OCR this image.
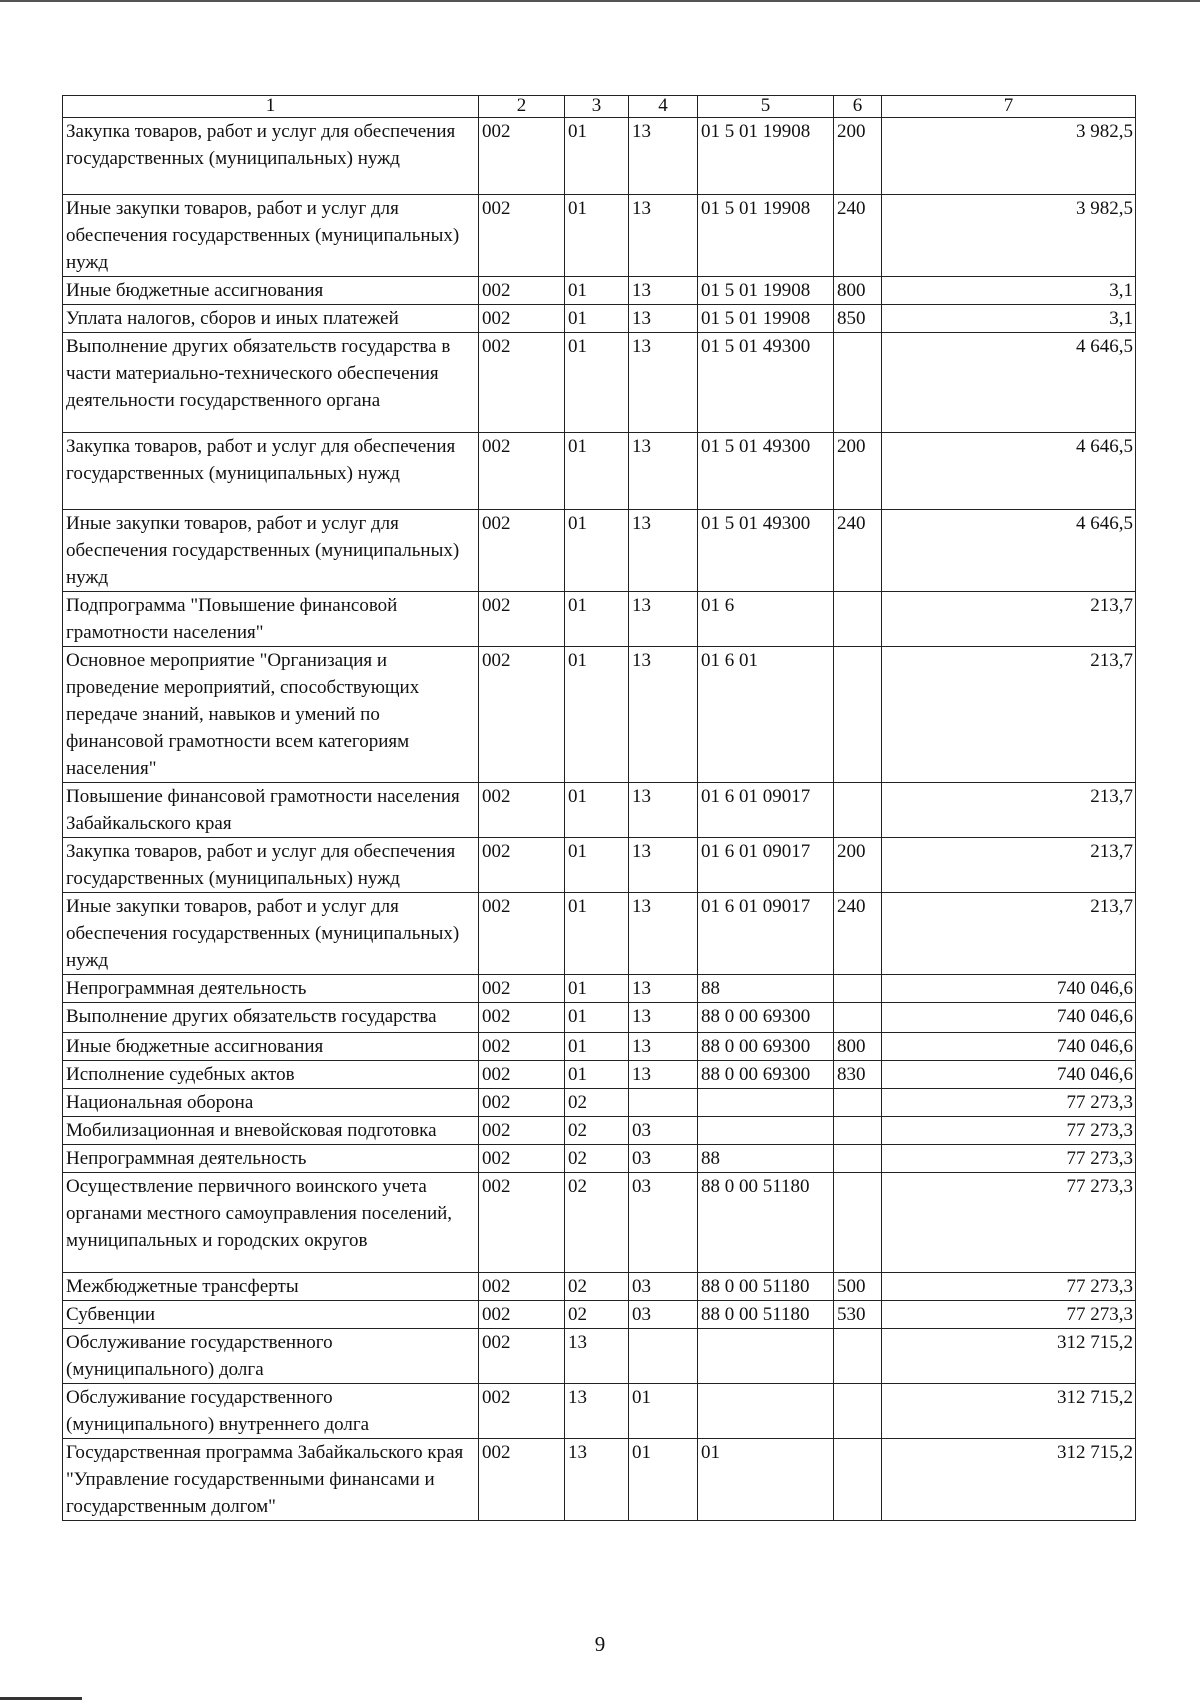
1	2	3	4	5	6	7
Закупка товаров, работ и услуг для обеспечения государственных (муниципальных) нужд	002	01	13	01 5 01 19908	200	3 982,5
Иные закупки товаров, работ и услуг для обеспечения государственных (муниципальных) нужд	002	01	13	01 5 01 19908	240	3 982,5
Иные бюджетные ассигнования	002	01	13	01 5 01 19908	800	3,1
Уплата налогов, сборов и иных платежей	002	01	13	01 5 01 19908	850	3,1
Выполнение других обязательств государства в части материально-технического обеспечения деятельности государственного органа	002	01	13	01 5 01 49300		4 646,5
Закупка товаров, работ и услуг для обеспечения государственных (муниципальных) нужд	002	01	13	01 5 01 49300	200	4 646,5
Иные закупки товаров, работ и услуг для обеспечения государственных (муниципальных) нужд	002	01	13	01 5 01 49300	240	4 646,5
Подпрограмма "Повышение финансовой грамотности населения"	002	01	13	01 6		213,7
Основное мероприятие "Организация и проведение мероприятий, способствующих передаче знаний, навыков и умений по финансовой грамотности всем категориям населения"	002	01	13	01 6 01		213,7
Повышение финансовой грамотности населения Забайкальского края	002	01	13	01 6 01 09017		213,7
Закупка товаров, работ и услуг для обеспечения государственных (муниципальных) нужд	002	01	13	01 6 01 09017	200	213,7
Иные закупки товаров, работ и услуг для обеспечения государственных (муниципальных) нужд	002	01	13	01 6 01 09017	240	213,7
Непрограммная деятельность	002	01	13	88		740 046,6
Выполнение других обязательств государства	002	01	13	88 0 00 69300		740 046,6
Иные бюджетные ассигнования	002	01	13	88 0 00 69300	800	740 046,6
Исполнение судебных актов	002	01	13	88 0 00 69300	830	740 046,6
Национальная оборона	002	02				77 273,3
Мобилизационная и вневойсковая подготовка	002	02	03			77 273,3
Непрограммная деятельность	002	02	03	88		77 273,3
Осуществление первичного воинского учета органами местного самоуправления поселений, муниципальных и городских округов	002	02	03	88 0 00 51180		77 273,3
Межбюджетные трансферты	002	02	03	88 0 00 51180	500	77 273,3
Субвенции	002	02	03	88 0 00 51180	530	77 273,3
Обслуживание государственного (муниципального) долга	002	13				312 715,2
Обслуживание государственного (муниципального) внутреннего долга	002	13	01			312 715,2
Государственная программа Забайкальского края "Управление государственными финансами и государственным долгом"	002	13	01	01		312 715,2
9
